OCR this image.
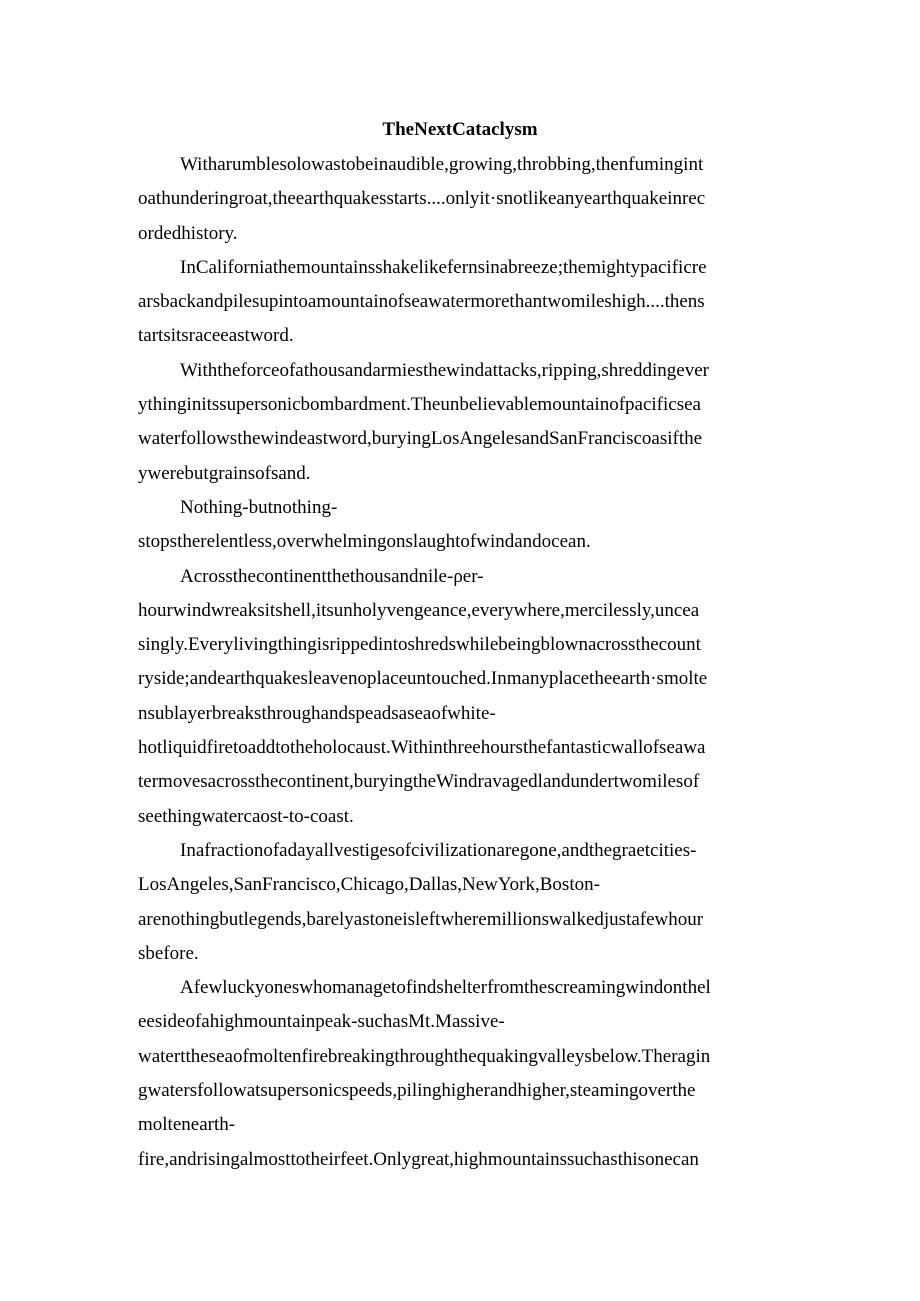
TheNextCataclysm

Witharumblesolowastobeinaudible,growing,throbbing,thenfumingint

oathunderingroat,theearthquakesstarts....onlyit·snotlikeanyearthquakeinrec

ordedhistory.

InCaliforniathemountainsshakelikefernsinabreeze;themightypacificre

arsbackandpilesupintoamountainofseawatermorethantwomileshigh....thens

tartsitsraceeastword.

Withtheforceofathousandarmiesthewindattacks,ripping,shreddingever

ythinginitssupersonicbombardment.Theunbelievablemountainofpacificsea

waterfollowsthewindeastword,buryingLosAngelesandSanFranciscoasifthe

ywerebutgrainsofsand.

Nothing-butnothing-

stopstherelentless,overwhelmingonslaughtofwindandocean.

Acrossthecontinentthethousandnile-ρer-

hourwindwreaksitshell,itsunholyvengeance,everywhere,mercilessly,uncea

singly.Everylivingthingisrippedintoshredswhilebeingblownacrossthecount

ryside;andearthquakesleavenoplaceuntouched.Inmanyplacetheearth·smolte

nsublayerbreaksthroughandspeadsaseaofwhite-

hotliquidfiretoaddtotheholocaust.Withinthreehoursthefantasticwallofseawa

termovesacrossthecontinent,buryingtheWindravagedlandundertwomilesof

seethingwatercaost-to-coast.

Inafractionofadayallvestigesofcivilizationaregone,andthegraetcities-

LosAngeles,SanFrancisco,Chicago,Dallas,NewYork,Boston-

arenothingbutlegends,barelyastoneisleftwheremillionswalkedjustafewhour

sbefore.

Afewluckyoneswhomanagetofindshelterfromthescreamingwindonthel

eesideofahighmountainpeak-suchasMt.Massive-

waterttheseaofmoltenfirebreakingthroughthequakingvalleysbelow.Theragin

gwatersfollowatsupersonicspeeds,pilinghigherandhigher,steamingoverthe

moltenearth-

fire,andrisingalmosttotheirfeet.Onlygreat,highmountainssuchasthisonecan
